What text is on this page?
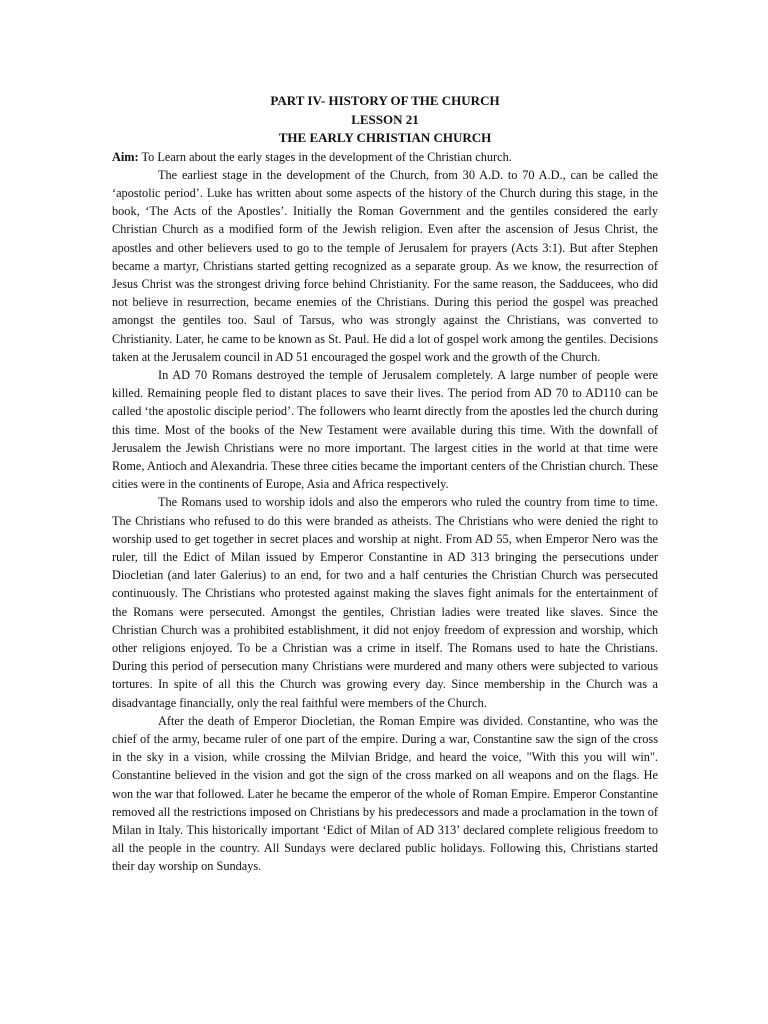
PART IV- HISTORY OF THE CHURCH
LESSON 21
THE EARLY CHRISTIAN CHURCH

Aim: To Learn about the early stages in the development of the Christian church.

The earliest stage in the development of the Church, from 30 A.D. to 70 A.D., can be called the ‘apostolic period’. Luke has written about some aspects of the history of the Church during this stage, in the book, ‘The Acts of the Apostles’. Initially the Roman Government and the gentiles considered the early Christian Church as a modified form of the Jewish religion. Even after the ascension of Jesus Christ, the apostles and other believers used to go to the temple of Jerusalem for prayers (Acts 3:1). But after Stephen became a martyr, Christians started getting recognized as a separate group. As we know, the resurrection of Jesus Christ was the strongest driving force behind Christianity. For the same reason, the Sadducees, who did not believe in resurrection, became enemies of the Christians. During this period the gospel was preached amongst the gentiles too. Saul of Tarsus, who was strongly against the Christians, was converted to Christianity. Later, he came to be known as St. Paul. He did a lot of gospel work among the gentiles. Decisions taken at the Jerusalem council in AD 51 encouraged the gospel work and the growth of the Church.

In AD 70 Romans destroyed the temple of Jerusalem completely. A large number of people were killed. Remaining people fled to distant places to save their lives. The period from AD 70 to AD110 can be called ‘the apostolic disciple period’. The followers who learnt directly from the apostles led the church during this time. Most of the books of the New Testament were available during this time. With the downfall of Jerusalem the Jewish Christians were no more important. The largest cities in the world at that time were Rome, Antioch and Alexandria. These three cities became the important centers of the Christian church. These cities were in the continents of Europe, Asia and Africa respectively.

The Romans used to worship idols and also the emperors who ruled the country from time to time. The Christians who refused to do this were branded as atheists. The Christians who were denied the right to worship used to get together in secret places and worship at night. From AD 55, when Emperor Nero was the ruler, till the Edict of Milan issued by Emperor Constantine in AD 313 bringing the persecutions under Diocletian (and later Galerius) to an end, for two and a half centuries the Christian Church was persecuted continuously. The Christians who protested against making the slaves fight animals for the entertainment of the Romans were persecuted. Amongst the gentiles, Christian ladies were treated like slaves. Since the Christian Church was a prohibited establishment, it did not enjoy freedom of expression and worship, which other religions enjoyed. To be a Christian was a crime in itself. The Romans used to hate the Christians. During this period of persecution many Christians were murdered and many others were subjected to various tortures. In spite of all this the Church was growing every day. Since membership in the Church was a disadvantage financially, only the real faithful were members of the Church.

After the death of Emperor Diocletian, the Roman Empire was divided. Constantine, who was the chief of the army, became ruler of one part of the empire. During a war, Constantine saw the sign of the cross in the sky in a vision, while crossing the Milvian Bridge, and heard the voice, "With this you will win". Constantine believed in the vision and got the sign of the cross marked on all weapons and on the flags. He won the war that followed. Later he became the emperor of the whole of Roman Empire. Emperor Constantine removed all the restrictions imposed on Christians by his predecessors and made a proclamation in the town of Milan in Italy. This historically important ‘Edict of Milan of AD 313’ declared complete religious freedom to all the people in the country. All Sundays were declared public holidays. Following this, Christians started their day worship on Sundays.
